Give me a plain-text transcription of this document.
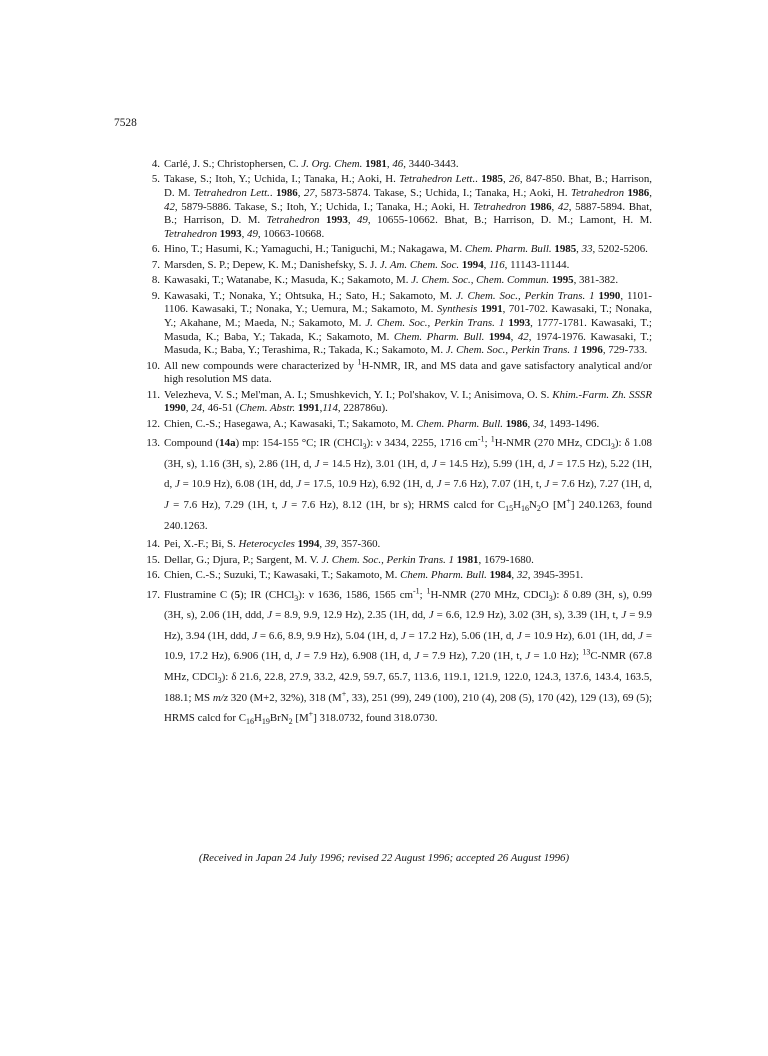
7528
4. Carlé, J. S.; Christophersen, C. J. Org. Chem. 1981, 46, 3440-3443.
5. Takase, S.; Itoh, Y.; Uchida, I.; Tanaka, H.; Aoki, H. Tetrahedron Lett.. 1985, 26, 847-850. Bhat, B.; Harrison, D. M. Tetrahedron Lett.. 1986, 27, 5873-5874. Takase, S.; Uchida, I.; Tanaka, H.; Aoki, H. Tetrahedron 1986, 42, 5879-5886. Takase, S.; Itoh, Y.; Uchida, I.; Tanaka, H.; Aoki, H. Tetrahedron 1986, 42, 5887-5894. Bhat, B.; Harrison, D. M. Tetrahedron 1993, 49, 10655-10662. Bhat, B.; Harrison, D. M.; Lamont, H. M. Tetrahedron 1993, 49, 10663-10668.
6. Hino, T.; Hasumi, K.; Yamaguchi, H.; Taniguchi, M.; Nakagawa, M. Chem. Pharm. Bull. 1985, 33, 5202-5206.
7. Marsden, S. P.; Depew, K. M.; Danishefsky, S. J. J. Am. Chem. Soc. 1994, 116, 11143-11144.
8. Kawasaki, T.; Watanabe, K.; Masuda, K.; Sakamoto, M. J. Chem. Soc., Chem. Commun. 1995, 381-382.
9. Kawasaki, T.; Nonaka, Y.; Ohtsuka, H.; Sato, H.; Sakamoto, M. J. Chem. Soc., Perkin Trans. 1 1990, 1101-1106. Kawasaki, T.; Nonaka, Y.; Uemura, M.; Sakamoto, M. Synthesis 1991, 701-702. Kawasaki, T.; Nonaka, Y.; Akahane, M.; Maeda, N.; Sakamoto, M. J. Chem. Soc., Perkin Trans. 1 1993, 1777-1781. Kawasaki, T.; Masuda, K.; Baba, Y.; Takada, K.; Sakamoto, M. Chem. Pharm. Bull. 1994, 42, 1974-1976. Kawasaki, T.; Masuda, K.; Baba, Y.; Terashima, R.; Takada, K.; Sakamoto, M. J. Chem. Soc., Perkin Trans. 1 1996, 729-733.
10. All new compounds were characterized by $^1$H-NMR, IR, and MS data and gave satisfactory analytical and/or high resolution MS data.
11. Velezheva, V. S.; Mel'man, A. I.; Smushkevich, Y. I.; Pol'shakov, V. I.; Anisimova, O. S. Khim.-Farm. Zh. SSSR 1990, 24, 46-51 (Chem. Abstr. 1991,114, 228786u).
12. Chien, C.-S.; Hasegawa, A.; Kawasaki, T.; Sakamoto, M. Chem. Pharm. Bull. 1986, 34, 1493-1496.
13. Compound (14a) mp: 154-155 °C; IR (CHCl$_3$): ν 3434, 2255, 1716 $cm^{-1}$; $^1$H-NMR (270 MHz, CDCl$_3$): δ 1.08 (3H, s), 1.16 (3H, s), 2.86 (1H, d, J = 14.5 Hz), 3.01 (1H, d, J = 14.5 Hz), 5.99 (1H, d, J = 17.5 Hz), 5.22 (1H, d, J = 10.9 Hz), 6.08 (1H, dd, J = 17.5, 10.9 Hz), 6.92 (1H, d, J = 7.6 Hz), 7.07 (1H, t, J = 7.6 Hz), 7.27 (1H, d, J = 7.6 Hz), 7.29 (1H, t, J = 7.6 Hz), 8.12 (1H, br s); HRMS calcd for $C_{15}H_{16}N_2O$ [M+] 240.1263, found 240.1263.
14. Pei, X.-F.; Bi, S. Heterocycles 1994, 39, 357-360.
15. Dellar, G.; Djura, P.; Sargent, M. V. J. Chem. Soc., Perkin Trans. 1 1981, 1679-1680.
16. Chien, C.-S.; Suzuki, T.; Kawasaki, T.; Sakamoto, M. Chem. Pharm. Bull. 1984, 32, 3945-3951.
17. Flustramine C (5); IR (CHCl$_3$): ν 1636, 1586, 1565 $cm^{-1}$; $^1$H-NMR (270 MHz, CDCl$_3$): δ 0.89 (3H, s), 0.99 (3H, s), 2.06 (1H, ddd, J = 8.9, 9.9, 12.9 Hz), 2.35 (1H, dd, J = 6.6, 12.9 Hz), 3.02 (3H, s), 3.39 (1H, t, J = 9.9 Hz), 3.94 (1H, ddd, J = 6.6, 8.9, 9.9 Hz), 5.04 (1H, d, J = 17.2 Hz), 5.06 (1H, d, J = 10.9 Hz), 6.01 (1H, dd, J = 10.9, 17.2 Hz), 6.906 (1H, d, J = 7.9 Hz), 6.908 (1H, d, J = 7.9 Hz), 7.20 (1H, t, J = 1.0 Hz); $^{13}$C-NMR (67.8 MHz, CDCl$_3$): δ 21.6, 22.8, 27.9, 33.2, 42.9, 59.7, 65.7, 113.6, 119.1, 121.9, 122.0, 124.3, 137.6, 143.4, 163.5, 188.1; MS m/z 320 (M+2, 32%), 318 (M+, 33), 251 (99), 249 (100), 210 (4), 208 (5), 170 (42), 129 (13), 69 (5); HRMS calcd for $C_{16}H_{19}BrN_2$ [M+] 318.0732, found 318.0730.
(Received in Japan 24 July 1996; revised 22 August 1996; accepted 26 August 1996)
